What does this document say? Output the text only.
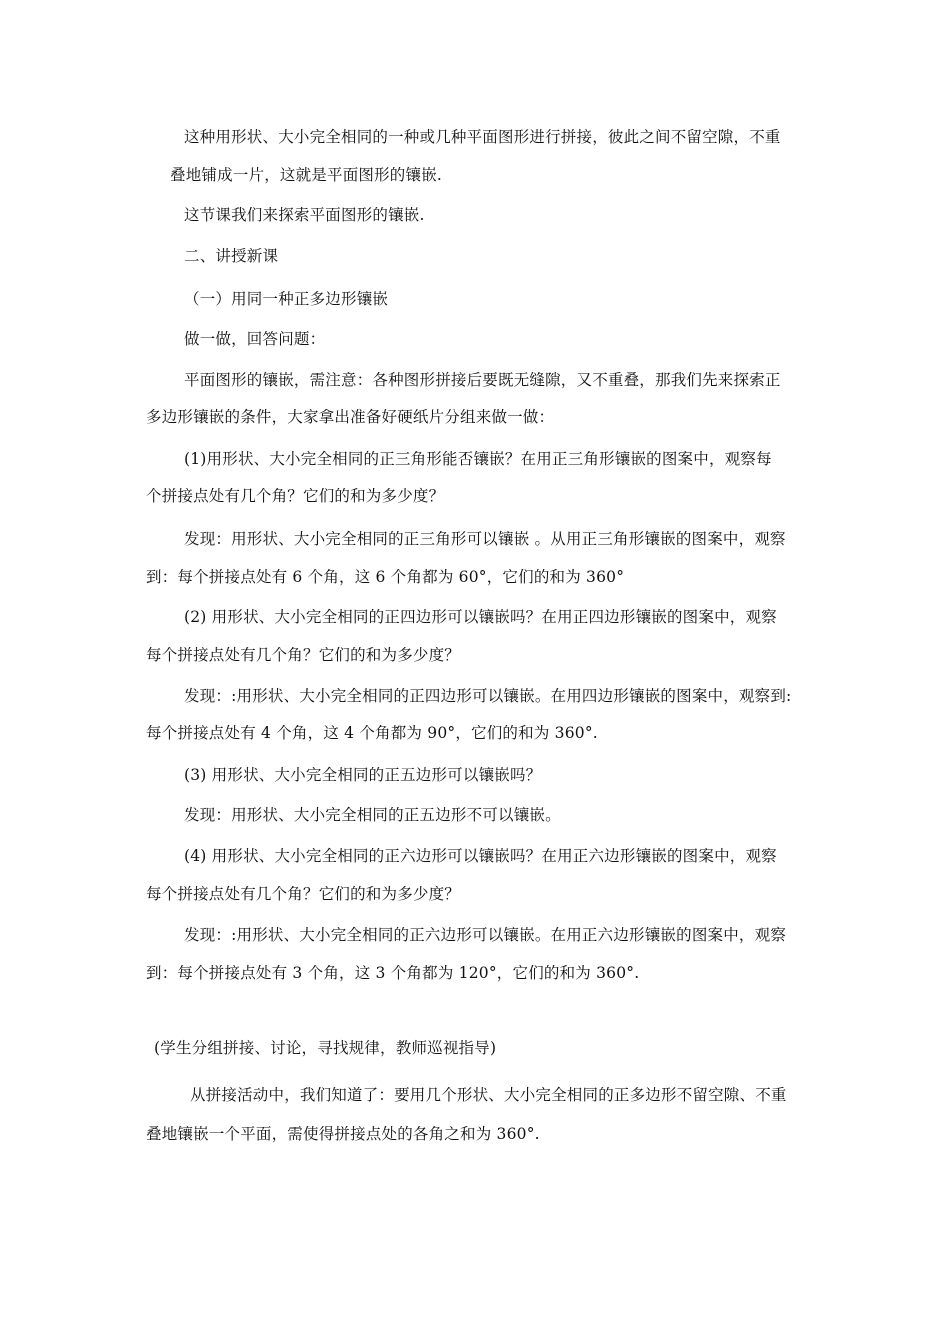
这种用形状、大小完全相同的一种或几种平面图形进行拼接，彼此之间不留空隙，不重
叠地铺成一片，这就是平面图形的镶嵌.
这节课我们来探索平面图形的镶嵌.
二、讲授新课
（一）用同一种正多边形镶嵌
做一做，回答问题：
平面图形的镶嵌，需注意：各种图形拼接后要既无缝隙，又不重叠，那我们先来探索正
多边形镶嵌的条件，大家拿出准备好硬纸片分组来做一做：
(1)用形状、大小完全相同的正三角形能否镶嵌？在用正三角形镶嵌的图案中，观察每
个拼接点处有几个角？它们的和为多少度？
发现：用形状、大小完全相同的正三角形可以镶嵌 。从用正三角形镶嵌的图案中，观察
到：每个拼接点处有 6 个角，这 6 个角都为 60°，它们的和为 360°
(2) 用形状、大小完全相同的正四边形可以镶嵌吗？在用正四边形镶嵌的图案中，观察
每个拼接点处有几个角？它们的和为多少度？
发现：:用形状、大小完全相同的正四边形可以镶嵌。在用四边形镶嵌的图案中，观察到:
每个拼接点处有 4 个角，这 4 个角都为 90°，它们的和为 360°.
(3) 用形状、大小完全相同的正五边形可以镶嵌吗？
发现：用形状、大小完全相同的正五边形不可以镶嵌。
(4) 用形状、大小完全相同的正六边形可以镶嵌吗？在用正六边形镶嵌的图案中，观察
每个拼接点处有几个角？它们的和为多少度？
发现：:用形状、大小完全相同的正六边形可以镶嵌。在用正六边形镶嵌的图案中，观察
到：每个拼接点处有 3 个角，这 3 个角都为 120°，它们的和为 360°.
(学生分组拼接、讨论，寻找规律，教师巡视指导)
从拼接活动中，我们知道了：要用几个形状、大小完全相同的正多边形不留空隙、不重
叠地镶嵌一个平面，需使得拼接点处的各角之和为 360°.
